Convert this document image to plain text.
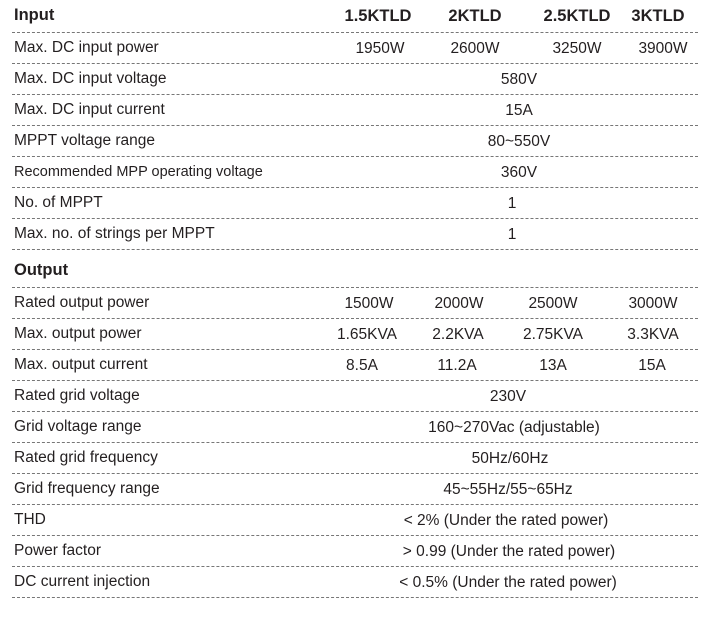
Input	1.5KTLD 2KTLD	2.5KTLD 3KTLD
Max. DC input power	1950W	2600W	3250W 3900W
Max. DC input voltage	580V
Max. DC input current	15A
MPPT voltage range	80~550V
Recommended MPP operating voltage	360V
No. of MPPT	1
Max. no. of strings per MPPT	1
Output
Rated output power	1500W	2000W	2500W	3000W
Max. output power	1.65KVA 2.2KVA	2.75KVA	3.3KVA
Max. output current	8.5A	11.2A	13A	15A
Rated grid voltage	230V
Grid voltage range	160~270Vac (adjustable)
Rated grid frequency	50Hz/60Hz
Grid frequency range	45~55Hz/55~65Hz
THD	< 2% (Under the rated power)
Power factor	> 0.99 (Under the rated power)
DC current injection	< 0.5% (Under the rated power)
